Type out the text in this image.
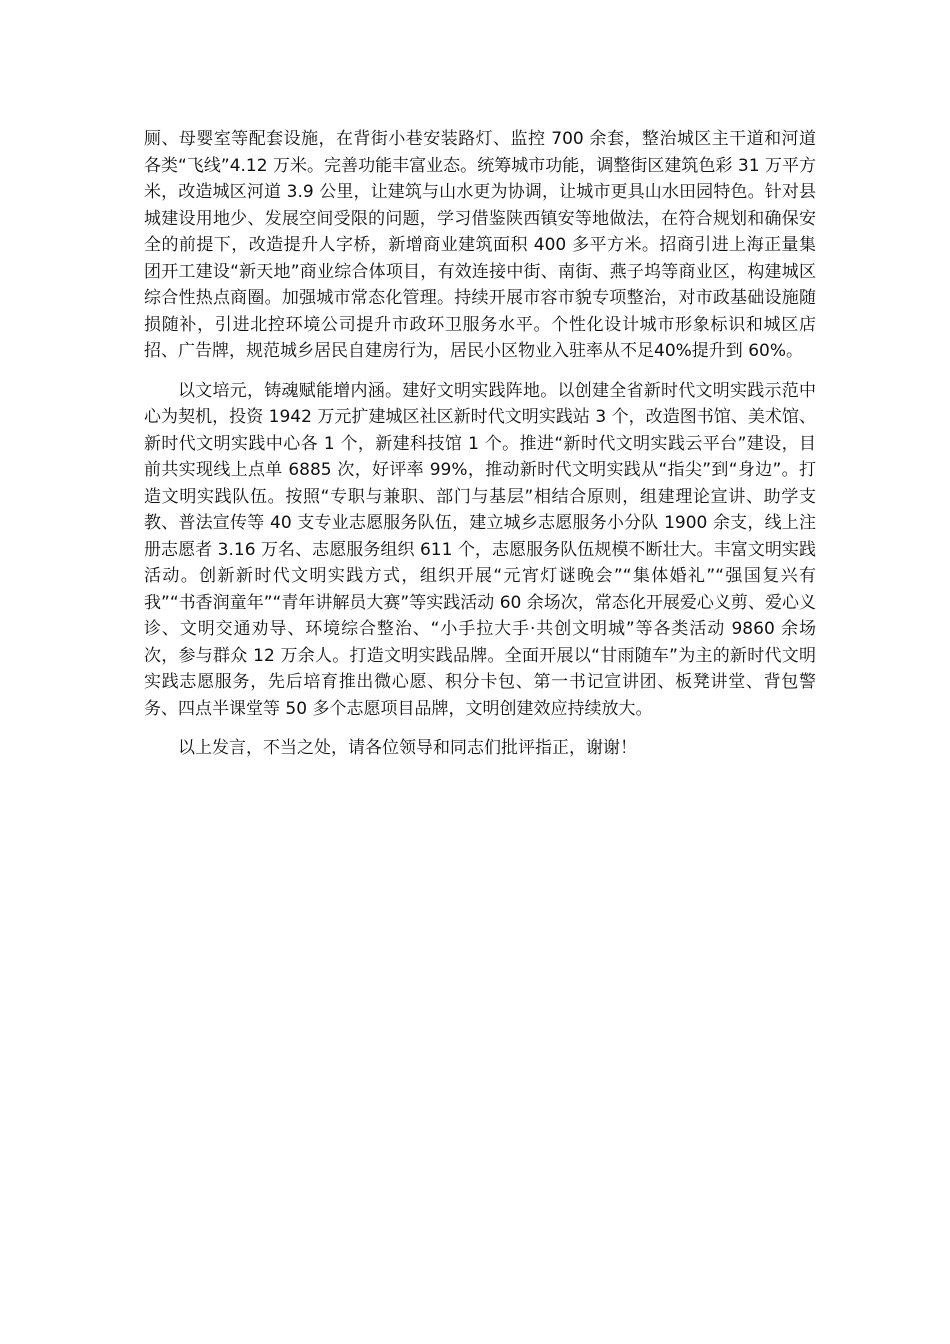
厕、母婴室等配套设施，在背街小巷安装路灯、监控 700 余套，整治城区主干道和河道各类“飞线”4.12 万米。完善功能丰富业态。统筹城市功能，调整街区建筑色彩 31 万平方米，改造城区河道 3.9 公里，让建筑与山水更为协调，让城市更具山水田园特色。针对县城建设用地少、发展空间受限的问题，学习借鉴陕西镇安等地做法，在符合规划和确保安全的前提下，改造提升人字桥，新增商业建筑面积 400 多平方米。招商引进上海正量集团开工建设“新天地”商业综合体项目，有效连接中街、南街、燕子坞等商业区，构建城区综合性热点商圈。加强城市常态化管理。持续开展市容市貌专项整治，对市政基础设施随损随补，引进北控环境公司提升市政环卫服务水平。个性化设计城市形象标识和城区店招、广告牌，规范城乡居民自建房行为，居民小区物业入驻率从不足40%提升到 60%。

以文培元，铸魂赋能增内涵。建好文明实践阵地。以创建全省新时代文明实践示范中心为契机，投资 1942 万元扩建城区社区新时代文明实践站 3 个，改造图书馆、美术馆、新时代文明实践中心各 1 个，新建科技馆 1 个。推进“新时代文明实践云平台”建设，目前共实现线上点单 6885 次，好评率 99%，推动新时代文明实践从“指尖”到“身边”。打造文明实践队伍。按照“专职与兼职、部门与基层”相结合原则，组建理论宣讲、助学支教、普法宣传等 40 支专业志愿服务队伍，建立城乡志愿服务小分队 1900 余支，线上注册志愿者 3.16 万名、志愿服务组织 611 个，志愿服务队伍规模不断壮大。丰富文明实践活动。创新新时代文明实践方式，组织开展“元宵灯谜晚会”“集体婚礼”“强国复兴有我”“书香润童年”“青年讲解员大赛”等实践活动 60 余场次，常态化开展爱心义剪、爱心义诊、文明交通劝导、环境综合整治、“小手拉大手·共创文明城”等各类活动 9860 余场次，参与群众 12 万余人。打造文明实践品牌。全面开展以“甘雨随车”为主的新时代文明实践志愿服务，先后培育推出微心愿、积分卡包、第一书记宣讲团、板凳讲堂、背包警务、四点半课堂等 50 多个志愿项目品牌，文明创建效应持续放大。

以上发言，不当之处，请各位领导和同志们批评指正，谢谢！
